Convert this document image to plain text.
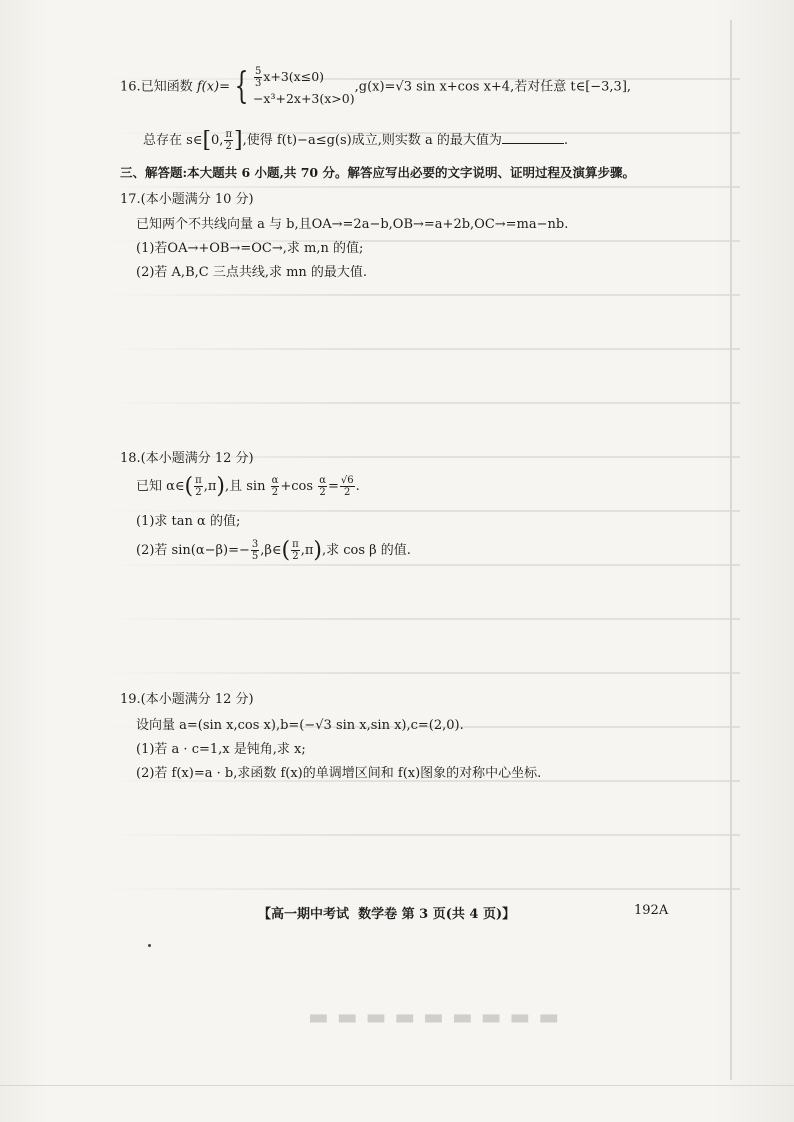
16.已知函数 f(x)= { $\frac{5}{3} x+3(x\le 0)$
−x³+2x+3(x>0),g(x)=√3 sin x+cos x+4,若对任意 t∈[−3,3],
总存在 s∈[0, $\frac{\pi}{2}$ ],使得 f(t)−a≤g(s)成立,则实数 a 的最大值为	.
三、解答题:本大题共 6 小题,共 70 分。解答应写出必要的文字说明、证明过程及演算步骤。
17.(本小题满分 10 分)
已知两个不共线向量 a 与 b,且OA→=2a−b,OB→=a+2b,OC→=ma−nb.
(1)若OA→+OB→=OC→,求 m,n 的值;
(2)若 A,B,C 三点共线,求 mn 的最大值.
18.(本小题满分 12 分)
已知 α∈( $\frac{\pi}{2} ,\pi$),且 $\sin \frac{\alpha}{2} +\cos \frac{\alpha}{2} = \frac{√6}{2}$ .
(1)求 tan α 的值;
(2)若 $\sin(\alpha-\beta)=- \frac{3}{5}$ ,β∈( $\frac{\pi}{2} ,\pi$),求 cos β 的值.
19.(本小题满分 12 分)
设向量 a=(sin x,cos x),b=(−√3 sin x,sin x),c=(2,0).
(1)若 a · c=1,x 是钝角,求 x;
(2)若 f(x)=a · b,求函数 f(x)的单调增区间和 f(x)图象的对称中心坐标.
【高一期中考试 数学卷 第 3 页(共 4 页)】	192A
▬▬▬▬▬▬▬▬▬
